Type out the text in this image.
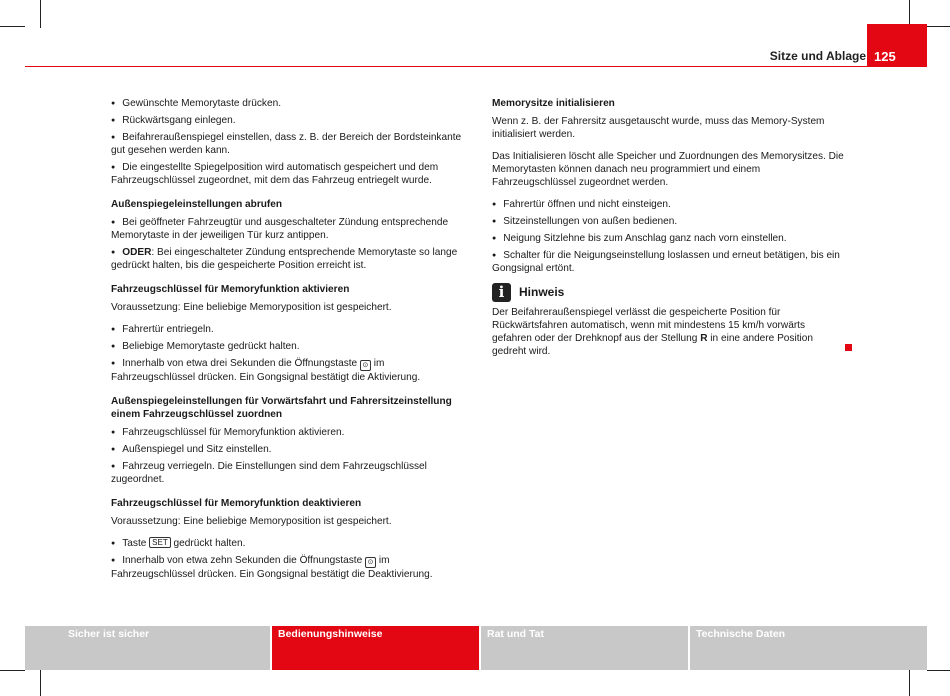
Sitze und Ablage 125
● Gewünschte Memorytaste drücken.
● Rückwärtsgang einlegen.
● Beifahreraußenspiegel einstellen, dass z. B. der Bereich der Bordsteinkante gut gesehen werden kann.
● Die eingestellte Spiegelposition wird automatisch gespeichert und dem Fahrzeugschlüssel zugeordnet, mit dem das Fahrzeug entriegelt wurde.
Außenspiegeleinstellungen abrufen
● Bei geöffneter Fahrzeugtür und ausgeschalteter Zündung entsprechende Memorytaste in der jeweiligen Tür kurz antippen.
● ODER: Bei eingeschalteter Zündung entsprechende Memorytaste so lange gedrückt halten, bis die gespeicherte Position erreicht ist.
Fahrzeugschlüssel für Memoryfunktion aktivieren
Voraussetzung: Eine beliebige Memoryposition ist gespeichert.
● Fahrertür entriegeln.
● Beliebige Memorytaste gedrückt halten.
● Innerhalb von etwa drei Sekunden die Öffnungstaste ⊙ im Fahrzeugschlüssel drücken. Ein Gongsignal bestätigt die Aktivierung.
Außenspiegeleinstellungen für Vorwärtsfahrt und Fahrersitzeinstellung einem Fahrzeugschlüssel zuordnen
● Fahrzeugschlüssel für Memoryfunktion aktivieren.
● Außenspiegel und Sitz einstellen.
● Fahrzeug verriegeln. Die Einstellungen sind dem Fahrzeugschlüssel zugeordnet.
Fahrzeugschlüssel für Memoryfunktion deaktivieren
Voraussetzung: Eine beliebige Memoryposition ist gespeichert.
● Taste SET gedrückt halten.
● Innerhalb von etwa zehn Sekunden die Öffnungstaste ⊙ im Fahrzeugschlüssel drücken. Ein Gongsignal bestätigt die Deaktivierung.
Memorysitze initialisieren
Wenn z. B. der Fahrersitz ausgetauscht wurde, muss das Memory-System initialisiert werden.
Das Initialisieren löscht alle Speicher und Zuordnungen des Memorysitzes. Die Memorytasten können danach neu programmiert und einem Fahrzeugschlüssel zugeordnet werden.
● Fahrertür öffnen und nicht einsteigen.
● Sitzeinstellungen von außen bedienen.
● Neigung Sitzlehne bis zum Anschlag ganz nach vorn einstellen.
● Schalter für die Neigungseinstellung loslassen und erneut betätigen, bis ein Gongsignal ertönt.
i	Hinweis
Der Beifahreraußenspiegel verlässt die gespeicherte Position für Rückwärtsfahren automatisch, wenn mit mindestens 15 km/h vorwärts gefahren oder der Drehknopf aus der Stellung R in eine andere Position gedreht wird.
Sicher ist sicher	Bedienungshinweise	Rat und Tat	Technische Daten
